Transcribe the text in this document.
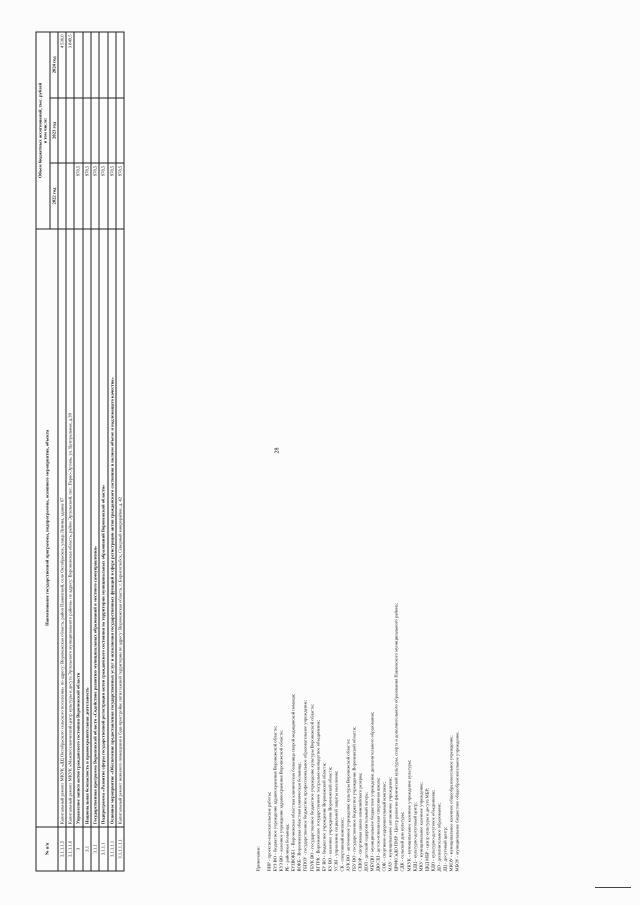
28
№ п/п	Наименование государственной программы, подпрограммы, основного мероприятия, объекта	Объем бюджетных ассигнований, тыс. рублей в том числе:		

		2022 год	2023 год	2024 год
2.1.1.1.5	Капитальный ремонт МКУК «ДЦ Октябрьского сельского поселения» по адресу: Воронежская область, район Панинский, село Октябрьское, улица Ленина, здание 67			4 530,0
2.1.1.1.6	Капитальный ремонт МКУК «Межпоселенческий центр культуры и досуга Эртильского муниципального района» по адресу: Воронежская область, район Эртильский, пос. Перво-Эртиль, ул. Центральная, д.39			3 849,5
3	Управление записи актов гражданского состояния Воронежской области	978,5		
3.1	Национальная безопасность и правоохранительная деятельность	978,5		
3.1.1	Государственная программа Воронежской области «Содействие развитию муниципальных образований и местного самоуправления»	978,5		
3.1.1.1	Подпрограмма «Развитие сферы государственной регистрации актов гражданского состояния на территории муниципальных образований Воронежской области»	978,5		
3.1.1.1.1	Основное мероприятие «Обеспечение предоставления государственных услуг и исполнения государственных функций в сфере регистрации актов гражданского состояния в полном объеме и надлежащего качества»	978,5		
3.1.1.1.1.1	Капитальный ремонт нежилого помещения в баш-пристройке пятиэтажной территории по адресу: Воронежская область, г. Борисоглебск, Северный микрорайон, д. 42	978,5		
Примечание: ПИР - проектно-изыскательские работы; БУЗ ВО - бюджетное учреждение здравоохранения Воронежской области; КУЗ ВО - казенное учреждение здравоохранения Воронежской области; РБ - районная больница; БУЗВОКБ1 - Воронежская областная клиническая больница скорой медицинской помощи; ВОКБ - Воронежская областная клиническая больница; ГБПОУ - государственное бюджетное профессиональное образовательное учреждение; ГБУК ВО - государственное бюджетное учреждение культуры Воронежской области; ВГТРК - Воронежское государственное театрально-концертное объединение; БУ ВО - бюджетное учреждение Воронежской области; КУ ВО - казенное учреждение Воронежской области; УСЗН - управление социальной защиты населения; СК - спортивный комплекс; АУК ВО - автономное учреждение культуры Воронежской области; ГБУ ВО - государственное бюджетное учреждение Воронежской области; СШОР - спортивная школа олимпийского резерва; ДОЛ - детский оздоровительный лагерь; МБУДО - муниципальное бюджетное учреждение дополнительного образования; ДЮСШ - детско-юношеская спортивная школа; СОК - спортивно-оздоровительный комплекс; МАУ - муниципальное автономное учреждение; ЦРФКСиДО ПМР - Центр развития физической культуры, спорта и дополнительного образования Павловского муниципального района; СДК - сельский дом культуры; МКУК - муниципальное казенное учреждение культуры; КДЦ - культурно-досуговый центр; МКУ - муниципальное казенное учреждение; ЦКД МБР - центр культуры и досуга МБР; КДО - культурно-досуговое объединение; ДО - дополнительное образование; ДЦ - досуговый центр; МКОУ - муниципальное казенное общеобразовательное учреждение; МБОУ - муниципальное бюджетное общеобразовательное учреждение.
